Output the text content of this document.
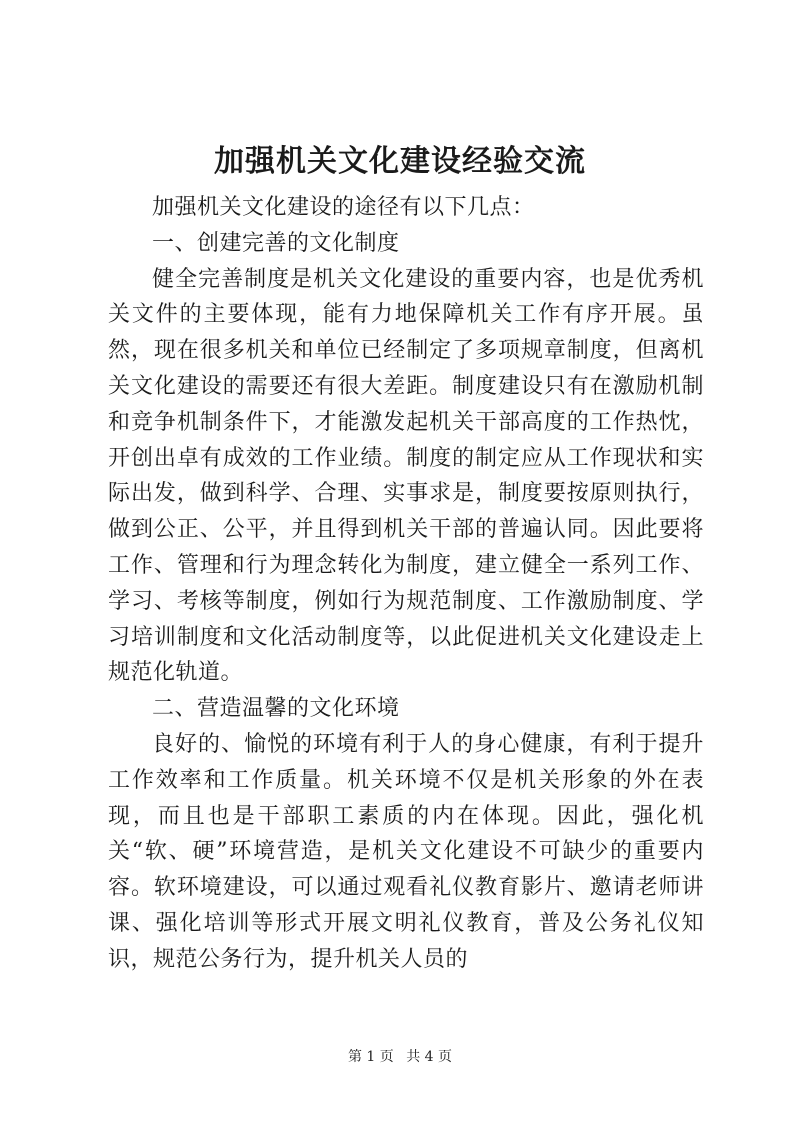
加强机关文化建设经验交流

加强机关文化建设的途径有以下几点：

一、创建完善的文化制度

健全完善制度是机关文化建设的重要内容，也是优秀机关文件的主要体现，能有力地保障机关工作有序开展。虽然，现在很多机关和单位已经制定了多项规章制度，但离机关文化建设的需要还有很大差距。制度建设只有在激励机制和竞争机制条件下，才能激发起机关干部高度的工作热忱，开创出卓有成效的工作业绩。制度的制定应从工作现状和实际出发，做到科学、合理、实事求是，制度要按原则执行，做到公正、公平，并且得到机关干部的普遍认同。因此要将工作、管理和行为理念转化为制度，建立健全一系列工作、学习、考核等制度，例如行为规范制度、工作激励制度、学习培训制度和文化活动制度等，以此促进机关文化建设走上规范化轨道。

二、营造温馨的文化环境

良好的、愉悦的环境有利于人的身心健康，有利于提升工作效率和工作质量。机关环境不仅是机关形象的外在表现，而且也是干部职工素质的内在体现。因此，强化机关“软、硬”环境营造，是机关文化建设不可缺少的重要内容。软环境建设，可以通过观看礼仪教育影片、邀请老师讲课、强化培训等形式开展文明礼仪教育，普及公务礼仪知识，规范公务行为，提升机关人员的

第 1 页 共 4 页
